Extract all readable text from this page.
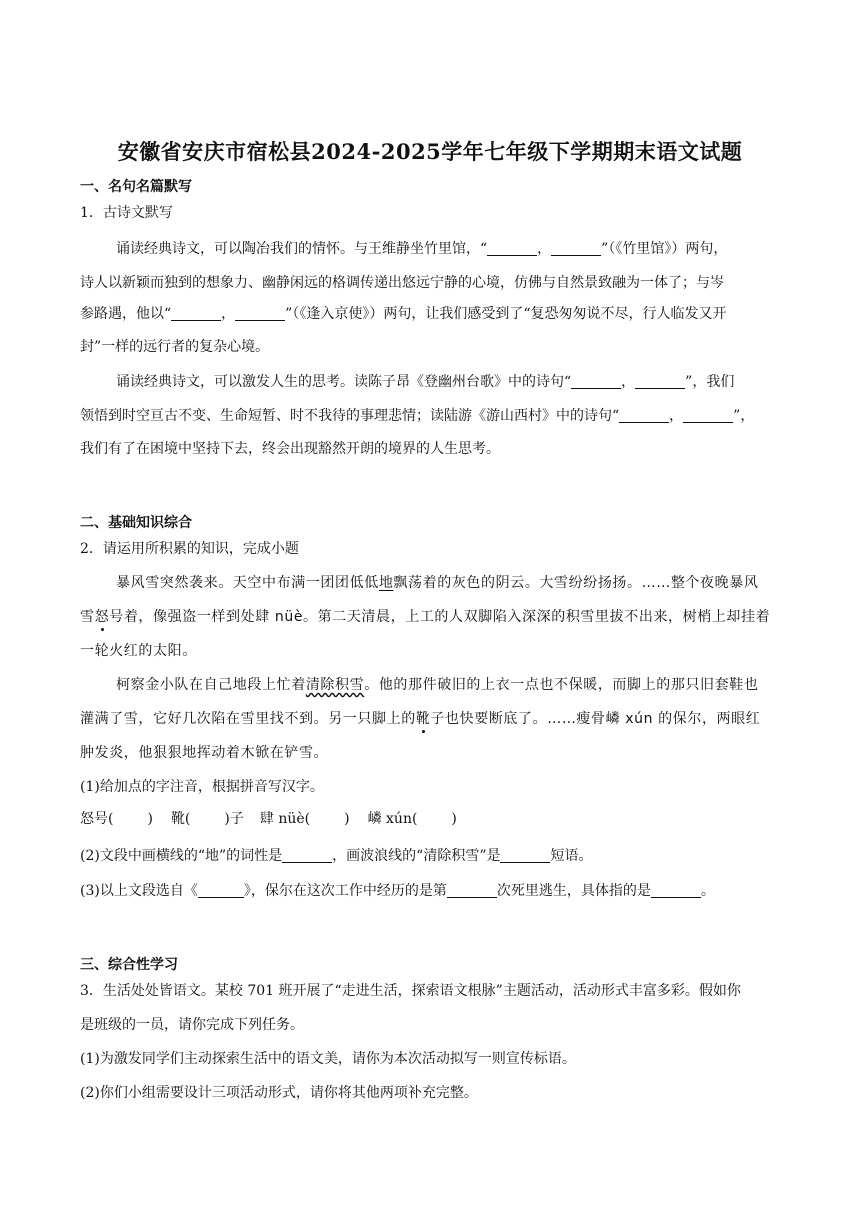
安徽省安庆市宿松县2024-2025学年七年级下学期期末语文试题
一、名句名篇默写
1．古诗文默写
诵读经典诗文，可以陶冶我们的情怀。与王维静坐竹里馆，“	，	”（《竹里馆》）两句，
诗人以新颖而独到的想象力、幽静闲远的格调传递出悠远宁静的心境，仿佛与自然景致融为一体了；与岑
参路遇，他以“	，	”（《逢入京使》）两句，让我们感受到了“复恐匆匆说不尽，行人临发又开
封”一样的远行者的复杂心境。
诵读经典诗文，可以激发人生的思考。读陈子昂《登幽州台歌》中的诗句“	，	”，我们
领悟到时空亘古不变、生命短暂、时不我待的事理悲情；读陆游《游山西村》中的诗句“	，	”，
我们有了在困境中坚持下去，终会出现豁然开朗的境界的人生思考。
二、基础知识综合
2．请运用所积累的知识，完成小题
暴风雪突然袭来。天空中布满一团团低低地飘荡着的灰色的阴云。大雪纷纷扬扬。……整个夜晚暴风
雪怒号着，像强盗一样到处肆 nüè。第二天清晨，上工的人双脚陷入深深的积雪里拔不出来，树梢上却挂着
一轮火红的太阳。
柯察金小队在自己地段上忙着清除积雪。他的那件破旧的上衣一点也不保暖，而脚上的那只旧套鞋也
灌满了雪，它好几次陷在雪里找不到。另一只脚上的靴子也快要断底了。……瘦骨嶙 xún 的保尔，两眼红
肿发炎，他狠狠地挥动着木锨在铲雪。
(1)给加点的字注音，根据拼音写汉字。
怒号( ) 靴( )子 肆 nüè( ) 嶙 xún( )
(2)文段中画横线的“地”的词性是	，画波浪线的“清除积雪”是	短语。
(3)以上文段选自《	》，保尔在这次工作中经历的是第	次死里逃生，具体指的是	。
三、综合性学习
3．生活处处皆语文。某校 701 班开展了“走进生活，探索语文根脉”主题活动，活动形式丰富多彩。假如你
是班级的一员，请你完成下列任务。
(1)为激发同学们主动探索生活中的语文美，请你为本次活动拟写一则宣传标语。
(2)你们小组需要设计三项活动形式，请你将其他两项补充完整。
